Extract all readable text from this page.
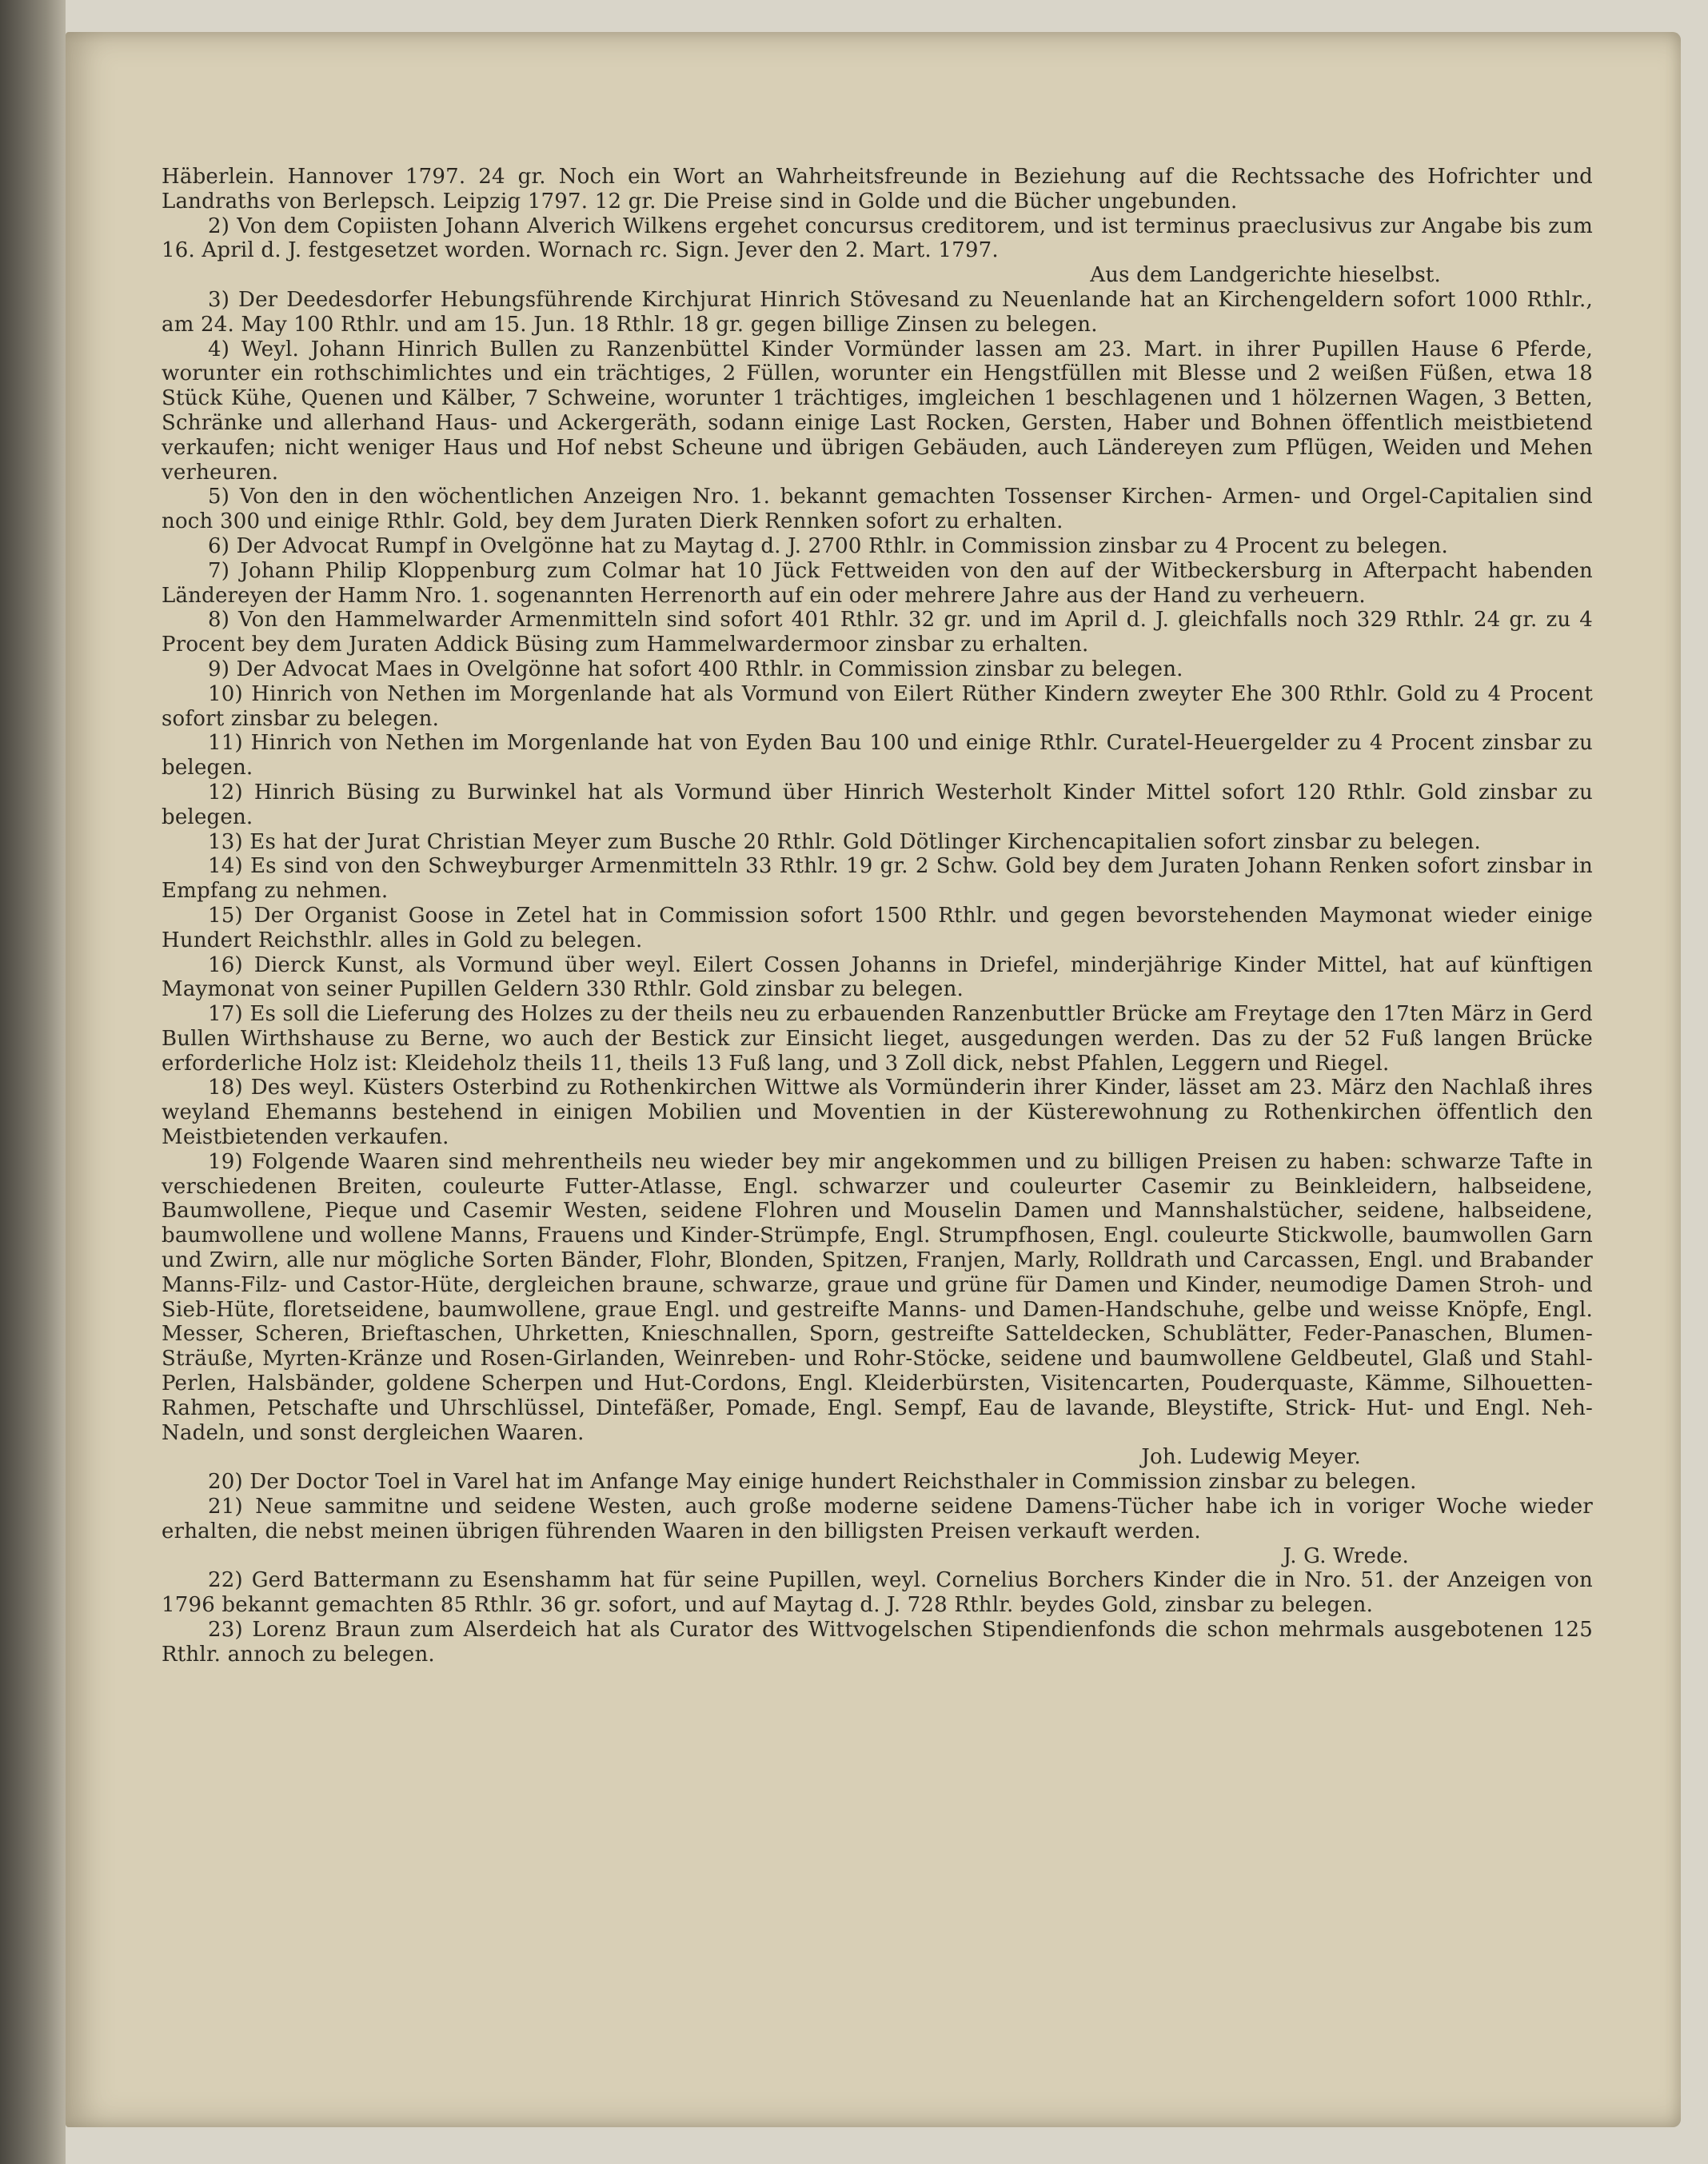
Häberlein. Hannover 1797. 24 gr. Noch ein Wort an Wahrheitsfreunde in Beziehung auf die Rechtssache des Hofrichter und Landraths von Berlepsch. Leipzig 1797. 12 gr. Die Preise sind in Golde und die Bücher ungebunden.

2) Von dem Copiisten Johann Alverich Wilkens ergehet concursus creditorem, und ist terminus praeclusivus zur Angabe bis zum 16. April d. J. festgesetzet worden. Wornach rc. Sign. Jever den 2. Mart. 1797.

Aus dem Landgerichte hieselbst.

3) Der Deedesdorfer Hebungsführende Kirchjurat Hinrich Stövesand zu Neuenlande hat an Kirchengeldern sofort 1000 Rthlr., am 24. May 100 Rthlr. und am 15. Jun. 18 Rthlr. 18 gr. gegen billige Zinsen zu belegen.

4) Weyl. Johann Hinrich Bullen zu Ranzenbüttel Kinder Vormünder lassen am 23. Mart. in ihrer Pupillen Hause 6 Pferde, worunter ein rothschimlichtes und ein trächtiges, 2 Füllen, worunter ein Hengstfüllen mit Blesse und 2 weißen Füßen, etwa 18 Stück Kühe, Quenen und Kälber, 7 Schweine, worunter 1 trächtiges, imgleichen 1 beschlagenen und 1 hölzernen Wagen, 3 Betten, Schränke und allerhand Haus- und Ackergeräth, sodann einige Last Rocken, Gersten, Haber und Bohnen öffentlich meistbietend verkaufen; nicht weniger Haus und Hof nebst Scheune und übrigen Gebäuden, auch Ländereyen zum Pflügen, Weiden und Mehen verheuren.

5) Von den in den wöchentlichen Anzeigen Nro. 1. bekannt gemachten Tossenser Kirchen- Armen- und Orgel-Capitalien sind noch 300 und einige Rthlr. Gold, bey dem Juraten Dierk Rennken sofort zu erhalten.

6) Der Advocat Rumpf in Ovelgönne hat zu Maytag d. J. 2700 Rthlr. in Commission zinsbar zu 4 Procent zu belegen.

7) Johann Philip Kloppenburg zum Colmar hat 10 Jück Fettweiden von den auf der Witbeckersburg in Afterpacht habenden Ländereyen der Hamm Nro. 1. sogenannten Herrenorth auf ein oder mehrere Jahre aus der Hand zu verheuern.

8) Von den Hammelwarder Armenmitteln sind sofort 401 Rthlr. 32 gr. und im April d. J. gleichfalls noch 329 Rthlr. 24 gr. zu 4 Procent bey dem Juraten Addick Büsing zum Hammelwardermoor zinsbar zu erhalten.

9) Der Advocat Maes in Ovelgönne hat sofort 400 Rthlr. in Commission zinsbar zu belegen.

10) Hinrich von Nethen im Morgenlande hat als Vormund von Eilert Rüther Kindern zweyter Ehe 300 Rthlr. Gold zu 4 Procent sofort zinsbar zu belegen.

11) Hinrich von Nethen im Morgenlande hat von Eyden Bau 100 und einige Rthlr. Curatel-Heuergelder zu 4 Procent zinsbar zu belegen.

12) Hinrich Büsing zu Burwinkel hat als Vormund über Hinrich Westerholt Kinder Mittel sofort 120 Rthlr. Gold zinsbar zu belegen.

13) Es hat der Jurat Christian Meyer zum Busche 20 Rthlr. Gold Dötlinger Kirchencapitalien sofort zinsbar zu belegen.

14) Es sind von den Schweyburger Armenmitteln 33 Rthlr. 19 gr. 2 Schw. Gold bey dem Juraten Johann Renken sofort zinsbar in Empfang zu nehmen.

15) Der Organist Goose in Zetel hat in Commission sofort 1500 Rthlr. und gegen bevorstehenden Maymonat wieder einige Hundert Reichsthlr. alles in Gold zu belegen.

16) Dierck Kunst, als Vormund über weyl. Eilert Cossen Johanns in Driefel, minderjährige Kinder Mittel, hat auf künftigen Maymonat von seiner Pupillen Geldern 330 Rthlr. Gold zinsbar zu belegen.

17) Es soll die Lieferung des Holzes zu der theils neu zu erbauenden Ranzenbuttler Brücke am Freytage den 17ten März in Gerd Bullen Wirthshause zu Berne, wo auch der Bestick zur Einsicht lieget, ausgedungen werden. Das zu der 52 Fuß langen Brücke erforderliche Holz ist: Kleideholz theils 11, theils 13 Fuß lang, und 3 Zoll dick, nebst Pfahlen, Leggern und Riegel.

18) Des weyl. Küsters Osterbind zu Rothenkirchen Wittwe als Vormünderin ihrer Kinder, lässet am 23. März den Nachlaß ihres weyland Ehemanns bestehend in einigen Mobilien und Moventien in der Küsterewohnung zu Rothenkirchen öffentlich den Meistbietenden verkaufen.

19) Folgende Waaren sind mehrentheils neu wieder bey mir angekommen und zu billigen Preisen zu haben: schwarze Tafte in verschiedenen Breiten, couleurte Futter-Atlasse, Engl. schwarzer und couleurter Casemir zu Beinkleidern, halbseidene, Baumwollene, Pieque und Casemir Westen, seidene Flohren und Mouselin Damen und Mannshalstücher, seidene, halbseidene, baumwollene und wollene Manns, Frauens und Kinder-Strümpfe, Engl. Strumpfhosen, Engl. couleurte Stickwolle, baumwollen Garn und Zwirn, alle nur mögliche Sorten Bänder, Flohr, Blonden, Spitzen, Franjen, Marly, Rolldrath und Carcassen, Engl. und Brabander Manns-Filz- und Castor-Hüte, dergleichen braune, schwarze, graue und grüne für Damen und Kinder, neumodige Damen Stroh- und Sieb-Hüte, floretseidene, baumwollene, graue Engl. und gestreifte Manns- und Damen-Handschuhe, gelbe und weisse Knöpfe, Engl. Messer, Scheren, Brieftaschen, Uhrketten, Knieschnallen, Sporn, gestreifte Satteldecken, Schublätter, Feder-Panaschen, Blumen-Sträuße, Myrten-Kränze und Rosen-Girlanden, Weinreben- und Rohr-Stöcke, seidene und baumwollene Geldbeutel, Glaß und Stahl-Perlen, Halsbänder, goldene Scherpen und Hut-Cordons, Engl. Kleiderbürsten, Visitencarten, Pouderquaste, Kämme, Silhouetten-Rahmen, Petschafte und Uhrschlüssel, Dintefäßer, Pomade, Engl. Sempf, Eau de lavande, Bleystifte, Strick- Hut- und Engl. Neh-Nadeln, und sonst dergleichen Waaren.

Joh. Ludewig Meyer.

20) Der Doctor Toel in Varel hat im Anfange May einige hundert Reichsthaler in Commission zinsbar zu belegen.

21) Neue sammitne und seidene Westen, auch große moderne seidene Damens-Tücher habe ich in voriger Woche wieder erhalten, die nebst meinen übrigen führenden Waaren in den billigsten Preisen verkauft werden.

J. G. Wrede.

22) Gerd Battermann zu Esenshamm hat für seine Pupillen, weyl. Cornelius Borchers Kinder die in Nro. 51. der Anzeigen von 1796 bekannt gemachten 85 Rthlr. 36 gr. sofort, und auf Maytag d. J. 728 Rthlr. beydes Gold, zinsbar zu belegen.

23) Lorenz Braun zum Alserdeich hat als Curator des Wittvogelschen Stipendienfonds die schon mehrmals ausgebotenen 125 Rthlr. annoch zu belegen.
